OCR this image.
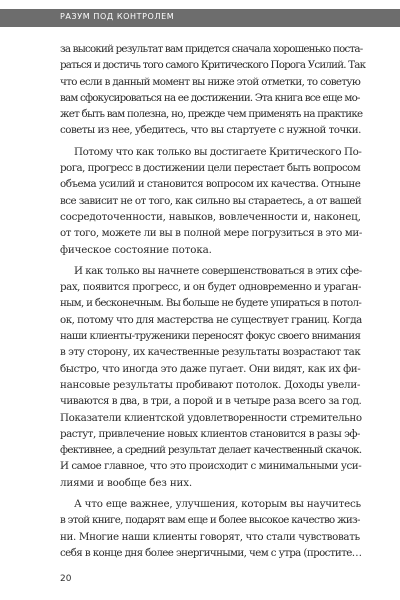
РАЗУМ ПОД КОНТРОЛЕМ

за высокий результат вам придется сначала хорошенько поста-
раться и достичь того самого Критического Порога Усилий. Так
что если в данный момент вы ниже этой отметки, то советую
вам сфокусироваться на ее достижении. Эта книга все еще мо-
жет быть вам полезна, но, прежде чем применять на практике
советы из нее, убедитесь, что вы стартуете с нужной точки.

Потому что как только вы достигаете Критического По-
рога, прогресс в достижении цели перестает быть вопросом
объема усилий и становится вопросом их качества. Отныне
все зависит не от того, как сильно вы стараетесь, а от вашей
сосредоточенности, навыков, вовлеченности и, наконец,
от того, можете ли вы в полной мере погрузиться в это ми-
фическое состояние потока.

И как только вы начнете совершенствоваться в этих сфе-
рах, появится прогресс, и он будет одновременно и ураган-
ным, и бесконечным. Вы больше не будете упираться в потол-
ок, потому что для мастерства не существует границ. Когда
наши клиенты-труженики переносят фокус своего внимания
в эту сторону, их качественные результаты возрастают так
быстро, что иногда это даже пугает. Они видят, как их фи-
нансовые результаты пробивают потолок. Доходы увели-
чиваются в два, в три, а порой и в четыре раза всего за год.
Показатели клиентской удовлетворенности стремительно
растут, привлечение новых клиентов становится в разы эф-
фективнее, а средний результат делает качественный скачок.
И самое главное, что это происходит с минимальными уси-
лиями и вообще без них.

А что еще важнее, улучшения, которым вы научитесь
в этой книге, подарят вам еще и более высокое качество жиз-
ни. Многие наши клиенты говорят, что стали чувствовать
себя в конце дня более энергичными, чем с утра (простите…

20
